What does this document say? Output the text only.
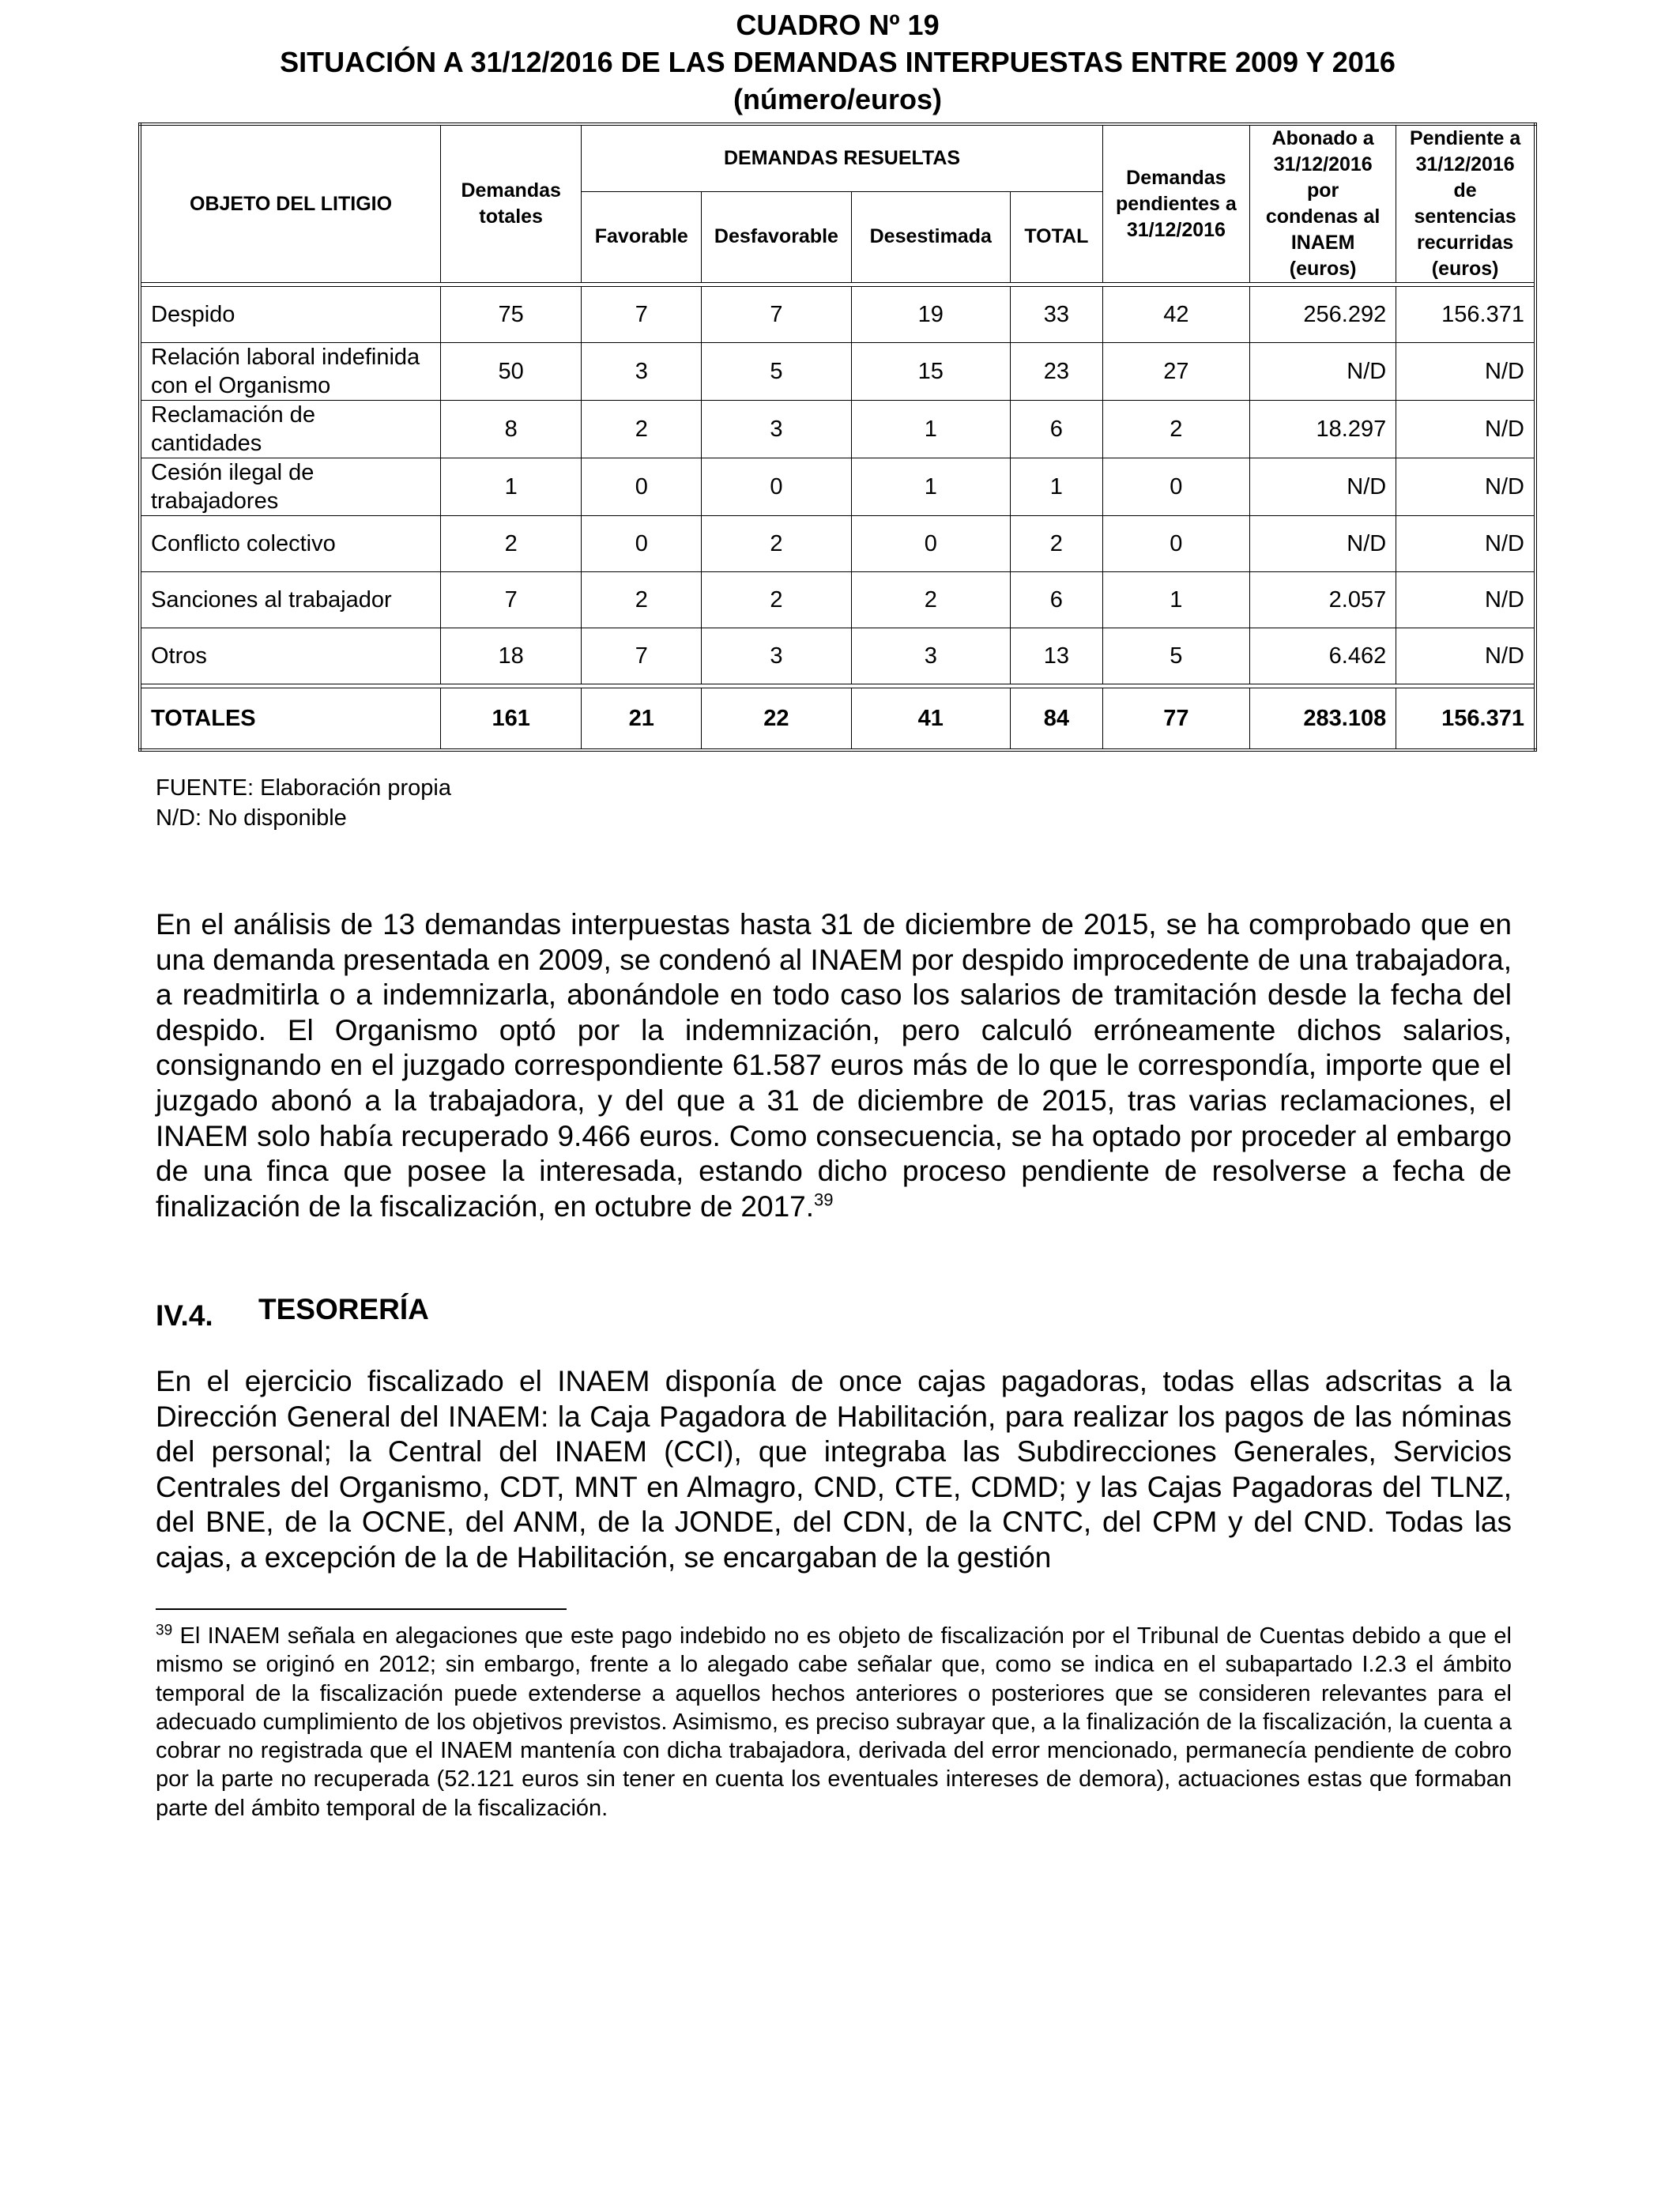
CUADRO Nº 19
SITUACIÓN A 31/12/2016 DE LAS DEMANDAS INTERPUESTAS ENTRE 2009 Y 2016
(número/euros)
OBJETO DEL LITIGIO	Demandas totales	DEMANDAS RESUELTAS				Demandas pendientes a 31/12/2016	Abonado a 31/12/2016 por condenas al INAEM (euros)	Pendiente a 31/12/2016 de sentencias recurridas (euros)
		Favorable	Desfavorable	Desestimada	TOTAL			

Despido	75	7	7	19	33	42	256.292	156.371
Relación laboral indefinida con el Organismo	50	3	5	15	23	27	N/D	N/D
Reclamación de cantidades	8	2	3	1	6	2	18.297	N/D
Cesión ilegal de trabajadores	1	0	0	1	1	0	N/D	N/D
Conflicto colectivo	2	0	2	0	2	0	N/D	N/D
Sanciones al trabajador	7	2	2	2	6	1	2.057	N/D
Otros	18	7	3	3	13	5	6.462	N/D

TOTALES	161	21	22	41	84	77	283.108	156.371
FUENTE: Elaboración propia
N/D: No disponible
En el análisis de 13 demandas interpuestas hasta 31 de diciembre de 2015, se ha comprobado que en una demanda presentada en 2009, se condenó al INAEM por despido improcedente de una trabajadora, a readmitirla o a indemnizarla, abonándole en todo caso los salarios de tramitación desde la fecha del despido. El Organismo optó por la indemnización, pero calculó erróneamente dichos salarios, consignando en el juzgado correspondiente 61.587 euros más de lo que le correspondía, importe que el juzgado abonó a la trabajadora, y del que a 31 de diciembre de 2015, tras varias reclamaciones, el INAEM solo había recuperado 9.466 euros. Como consecuencia, se ha optado por proceder al embargo de una finca que posee la interesada, estando dicho proceso pendiente de resolverse a fecha de finalización de la fiscalización, en octubre de 2017.39
IV.4. TESORERÍA
En el ejercicio fiscalizado el INAEM disponía de once cajas pagadoras, todas ellas adscritas a la Dirección General del INAEM: la Caja Pagadora de Habilitación, para realizar los pagos de las nóminas del personal; la Central del INAEM (CCI), que integraba las Subdirecciones Generales, Servicios Centrales del Organismo, CDT, MNT en Almagro, CND, CTE, CDMD; y las Cajas Pagadoras del TLNZ, del BNE, de la OCNE, del ANM, de la JONDE, del CDN, de la CNTC, del CPM y del CND. Todas las cajas, a excepción de la de Habilitación, se encargaban de la gestión
$^{39}$ El INAEM señala en alegaciones que este pago indebido no es objeto de fiscalización por el Tribunal de Cuentas debido a que el mismo se originó en 2012; sin embargo, frente a lo alegado cabe señalar que, como se indica en el subapartado I.2.3 el ámbito temporal de la fiscalización puede extenderse a aquellos hechos anteriores o posteriores que se consideren relevantes para el adecuado cumplimiento de los objetivos previstos. Asimismo, es preciso subrayar que, a la finalización de la fiscalización, la cuenta a cobrar no registrada que el INAEM mantenía con dicha trabajadora, derivada del error mencionado, permanecía pendiente de cobro por la parte no recuperada (52.121 euros sin tener en cuenta los eventuales intereses de demora), actuaciones estas que formaban parte del ámbito temporal de la fiscalización.
